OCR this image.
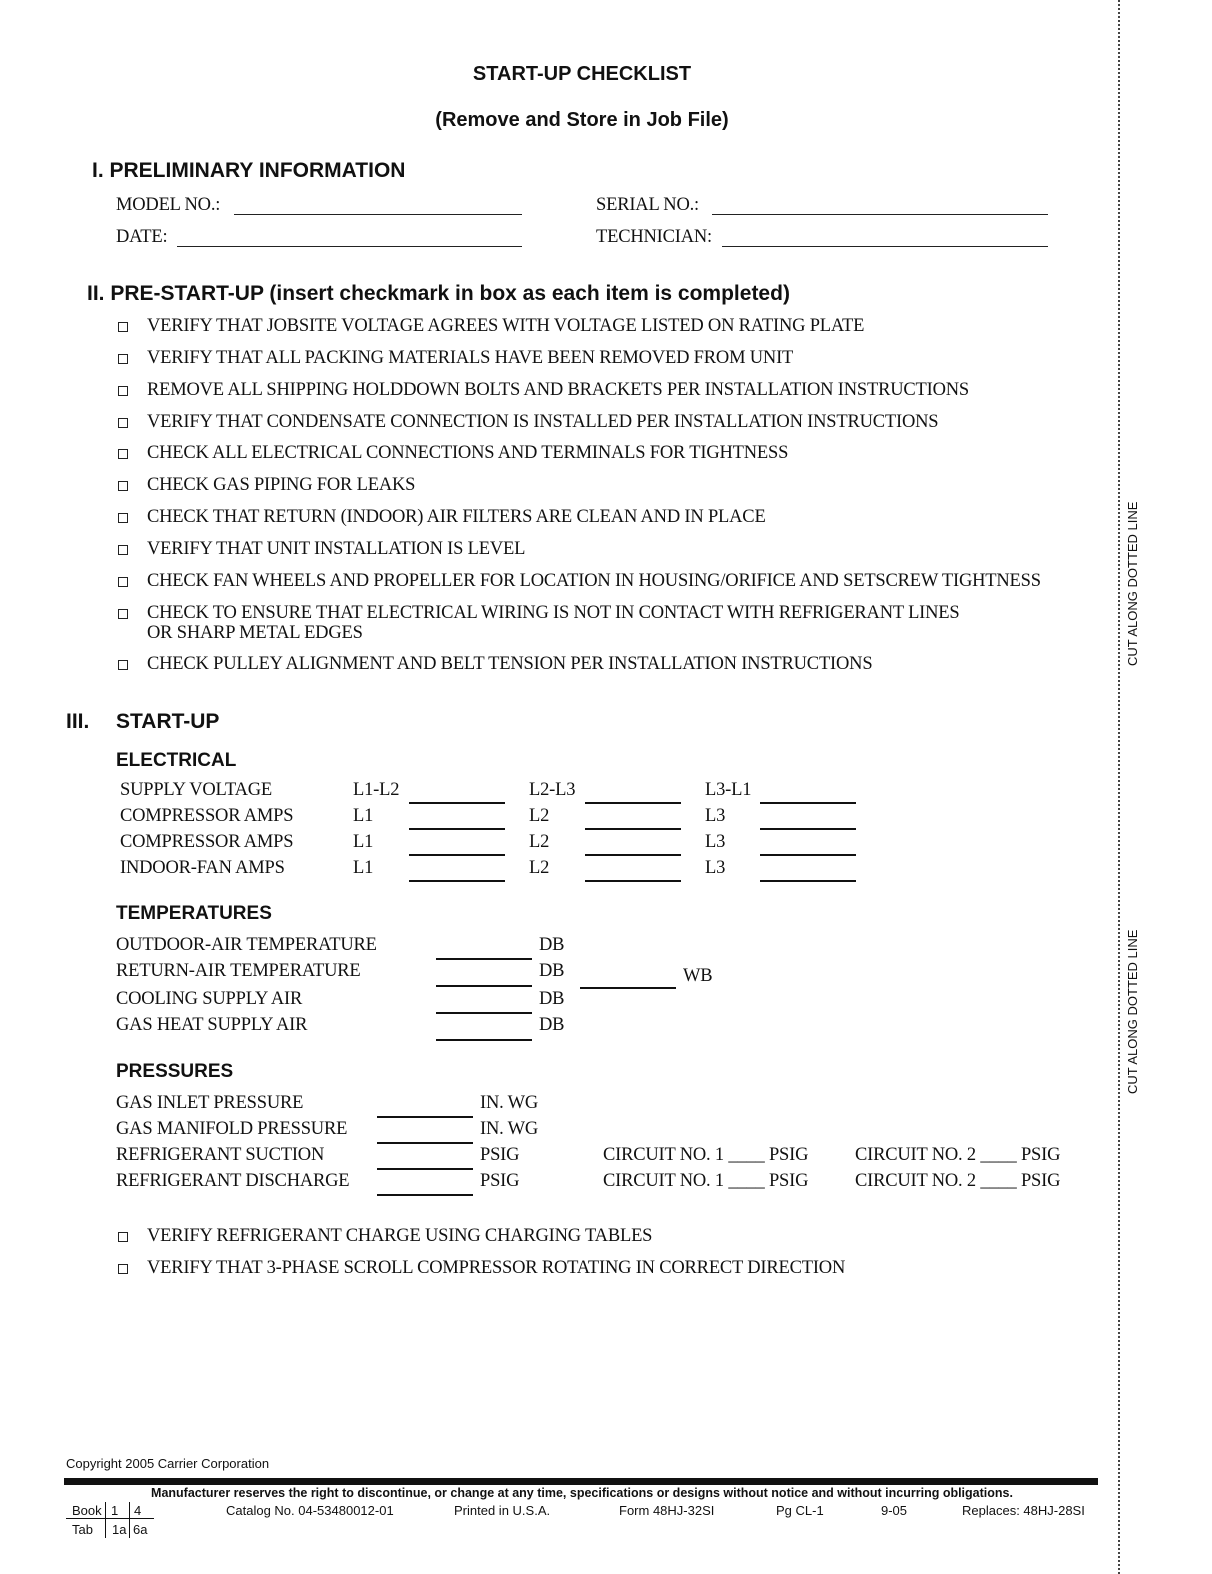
START-UP CHECKLIST
(Remove and Store in Job File)
I. PRELIMINARY INFORMATION
MODEL NO.:	SERIAL NO.:
DATE:	TECHNICIAN:
II. PRE-START-UP (insert checkmark in box as each item is completed)
VERIFY THAT JOBSITE VOLTAGE AGREES WITH VOLTAGE LISTED ON RATING PLATE
VERIFY THAT ALL PACKING MATERIALS HAVE BEEN REMOVED FROM UNIT
REMOVE ALL SHIPPING HOLDDOWN BOLTS AND BRACKETS PER INSTALLATION INSTRUCTIONS
VERIFY THAT CONDENSATE CONNECTION IS INSTALLED PER INSTALLATION INSTRUCTIONS
CHECK ALL ELECTRICAL CONNECTIONS AND TERMINALS FOR TIGHTNESS
CHECK GAS PIPING FOR LEAKS
CHECK THAT RETURN (INDOOR) AIR FILTERS ARE CLEAN AND IN PLACE
VERIFY THAT UNIT INSTALLATION IS LEVEL
CHECK FAN WHEELS AND PROPELLER FOR LOCATION IN HOUSING/ORIFICE AND SETSCREW TIGHTNESS
CHECK TO ENSURE THAT ELECTRICAL WIRING IS NOT IN CONTACT WITH REFRIGERANT LINES
OR SHARP METAL EDGES
CHECK PULLEY ALIGNMENT AND BELT TENSION PER INSTALLATION INSTRUCTIONS
III. START-UP
ELECTRICAL
SUPPLY VOLTAGE	L1-L2	L2-L3	L3-L1
COMPRESSOR AMPS	L1	L2	L3
COMPRESSOR AMPS	L1	L2	L3
INDOOR-FAN AMPS	L1	L2	L3
TEMPERATURES
OUTDOOR-AIR TEMPERATURE	DB
RETURN-AIR TEMPERATURE	DB	WB
COOLING SUPPLY AIR	DB
GAS HEAT SUPPLY AIR	DB
PRESSURES
GAS INLET PRESSURE	IN. WG
GAS MANIFOLD PRESSURE	IN. WG
REFRIGERANT SUCTION	PSIG	CIRCUIT NO. 1 ____ PSIG	CIRCUIT NO. 2 ____ PSIG
REFRIGERANT DISCHARGE	PSIG	CIRCUIT NO. 1 ____ PSIG	CIRCUIT NO. 2 ____ PSIG
VERIFY REFRIGERANT CHARGE USING CHARGING TABLES
VERIFY THAT 3-PHASE SCROLL COMPRESSOR ROTATING IN CORRECT DIRECTION
CUT ALONG DOTTED LINE
CUT ALONG DOTTED LINE
Copyright 2005 Carrier Corporation
Manufacturer reserves the right to discontinue, or change at any time, specifications or designs without notice and without incurring obligations.
Book 1 4
Tab 1a 6a
Catalog No. 04-53480012-01	Printed in U.S.A.	Form 48HJ-32SI	Pg CL-1	9-05	Replaces: 48HJ-28SI
